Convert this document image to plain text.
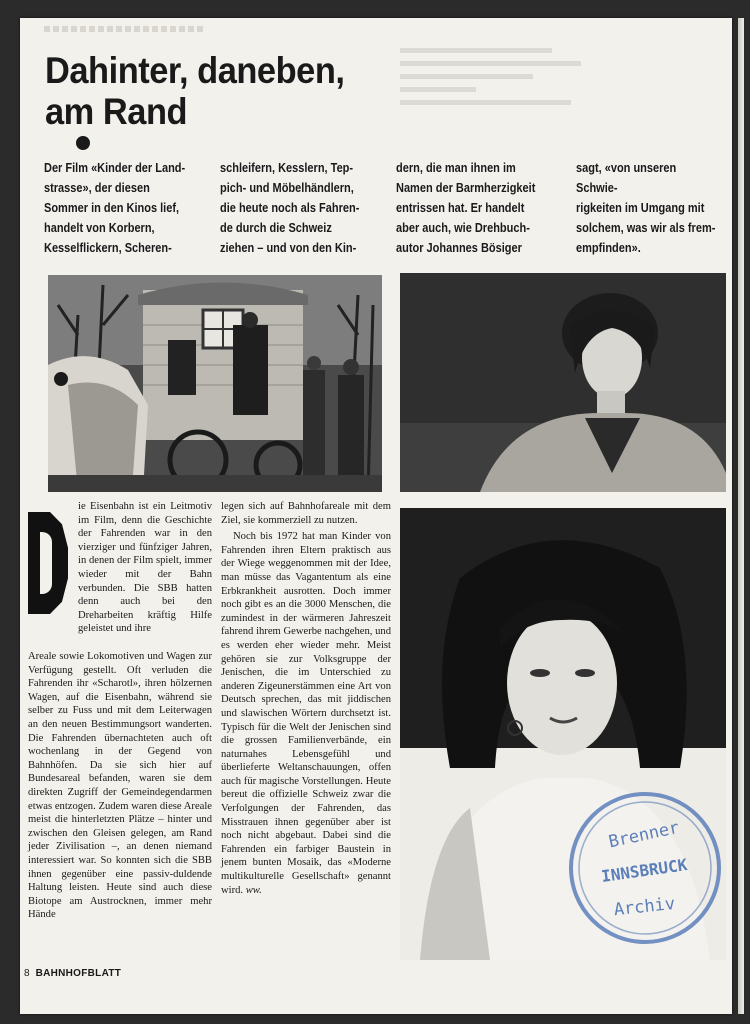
Dahinter, daneben, am Rand
Der Film «Kinder der Land-
strasse», der diesen
Sommer in den Kinos lief,
handelt von Korbern,
Kesselflickern, Scheren-
schleifern, Kesslern, Tep-
pich- und Möbelhändlern,
die heute noch als Fahren-
de durch die Schweiz
ziehen – und von den Kin-
dern, die man ihnen im
Namen der Barmherzigkeit
entrissen hat. Er handelt
aber auch, wie Drehbuch-
autor Johannes Bösiger
sagt, «von unseren Schwie-
rigkeiten im Umgang mit
solchem, was wir als frem-
empfinden».
ie Eisenbahn ist ein Leitmotiv im Film, denn die Geschichte der Fahrenden war in den vierziger und fünfziger Jahren, in denen der Film spielt, immer wieder mit der Bahn verbunden. Die SBB hatten denn auch bei den Dreharbeiten kräftig Hilfe geleistet und ihre
Areale sowie Lokomotiven und Wagen zur Verfügung gestellt. Oft verluden die Fahrenden ihr «Scharotl», ihren hölzernen Wagen, auf die Eisenbahn, während sie selber zu Fuss und mit dem Leiterwagen an den neuen Bestimmungsort wanderten. Die Fahrenden übernachteten auch oft wochenlang in der Gegend von Bahnhöfen. Da sie sich hier auf Bundesareal befanden, waren sie dem direkten Zugriff der Gemeindegendarmen etwas entzogen. Zudem waren diese Areale meist die hinterletzten Plätze – hinter und zwischen den Gleisen gelegen, am Rand jeder Zivilisation –, an denen niemand interessiert war. So konnten sich die SBB ihnen gegenüber eine passiv-duldende Haltung leisten. Heute sind auch diese Biotope am Austrocknen, immer mehr Hände

legen sich auf Bahnhofareale mit dem Ziel, sie kommerziell zu nutzen.

Noch bis 1972 hat man Kinder von Fahrenden ihren Eltern praktisch aus der Wiege weggenommen mit der Idee, man müsse das Vagantentum als eine Erbkrankheit ausrotten. Doch immer noch gibt es an die 3000 Menschen, die zumindest in der wärmeren Jahreszeit fahrend ihrem Gewerbe nachgehen, und es werden eher wieder mehr. Meist gehören sie zur Volksgruppe der Jenischen, die im Unterschied zu anderen Zigeunerstämmen eine Art von Deutsch sprechen, das mit jiddischen und slawischen Wörtern durchsetzt ist. Typisch für die Welt der Jenischen sind die grossen Familienverbände, ein naturnahes Lebensgefühl und überlieferte Weltanschauungen, offen auch für magische Vorstellungen. Heute bereut die offizielle Schweiz zwar die Verfolgungen der Fahrenden, das Misstrauen ihnen gegenüber aber ist noch nicht abgebaut. Dabei sind die Fahrenden ein farbiger Baustein in jenem bunten Mosaik, das «Moderne multikulturelle Gesellschaft» genannt wird. ww.

8 BAHNHOFBLATT
Brenner
INNSBRUCK
Archiv
